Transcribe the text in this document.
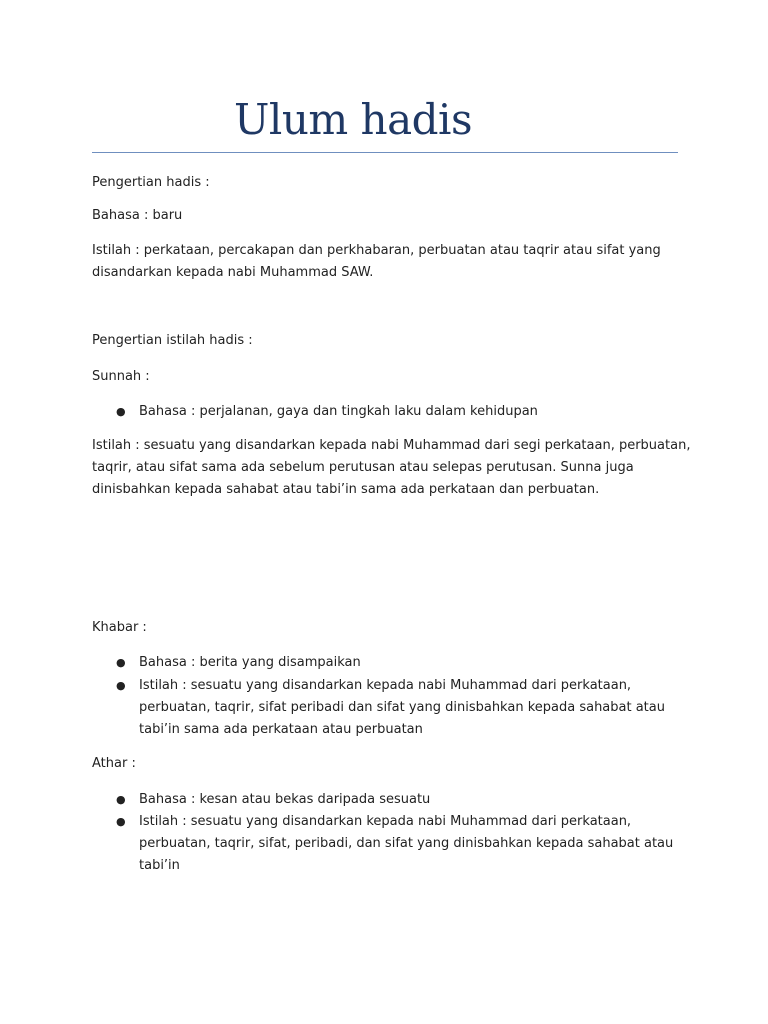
Ulum hadis
Pengertian hadis :
Bahasa : baru
Istilah : perkataan, percakapan dan perkhabaran, perbuatan atau taqrir atau sifat yang
disandarkan kepada nabi Muhammad SAW.
Pengertian istilah hadis :
Sunnah :
● Bahasa : perjalanan, gaya dan tingkah laku dalam kehidupan
Istilah : sesuatu yang disandarkan kepada nabi Muhammad dari segi perkataan, perbuatan,
taqrir, atau sifat sama ada sebelum perutusan atau selepas perutusan. Sunna juga
dinisbahkan kepada sahabat atau tabi’in sama ada perkataan dan perbuatan.
Khabar :
● Bahasa : berita yang disampaikan
● Istilah : sesuatu yang disandarkan kepada nabi Muhammad dari perkataan,
perbuatan, taqrir, sifat peribadi dan sifat yang dinisbahkan kepada sahabat atau
tabi’in sama ada perkataan atau perbuatan
Athar :
● Bahasa : kesan atau bekas daripada sesuatu
● Istilah : sesuatu yang disandarkan kepada nabi Muhammad dari perkataan,
perbuatan, taqrir, sifat, peribadi, dan sifat yang dinisbahkan kepada sahabat atau
tabi’in
